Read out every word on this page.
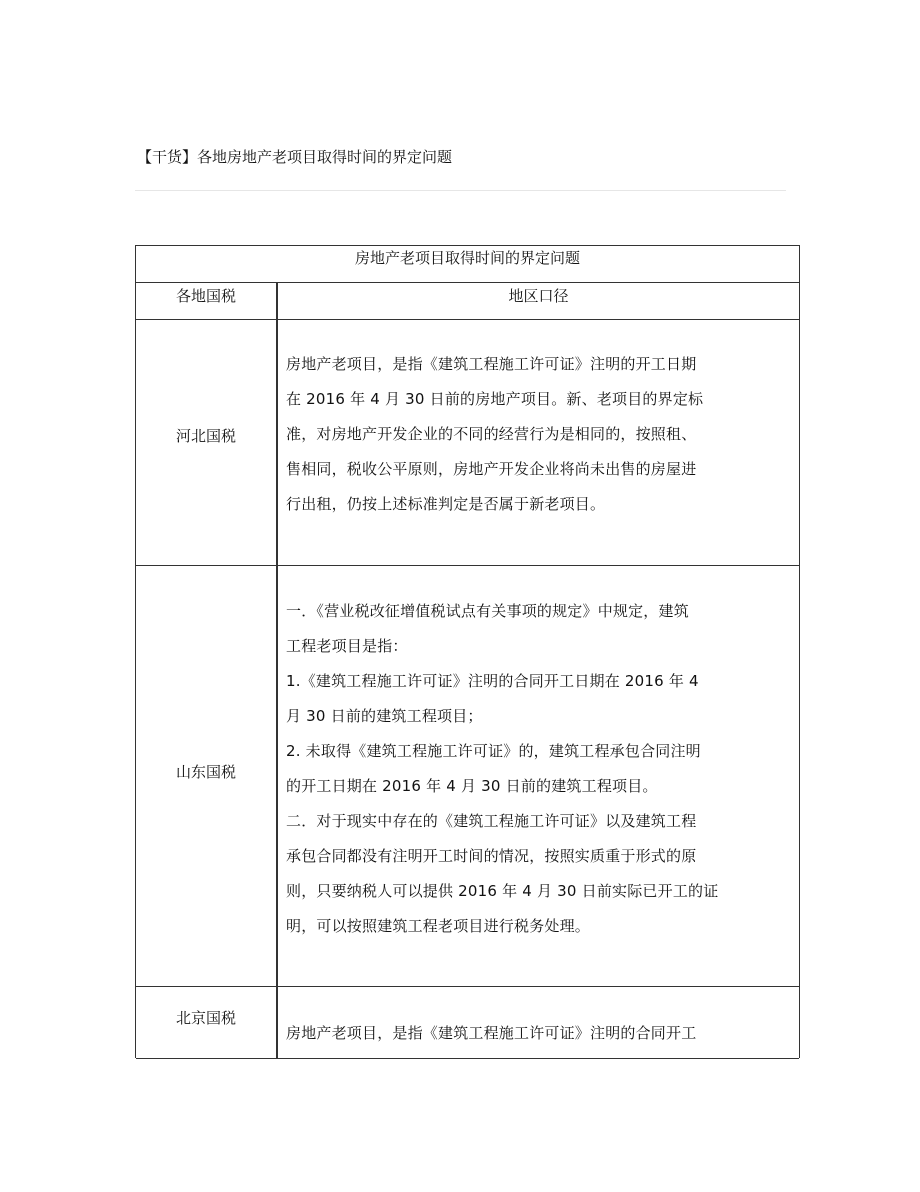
【干货】各地房地产老项目取得时间的界定问题
房地产老项目取得时间的界定问题
各地国税	地区口径
河北国税
房地产老项目，是指《建筑工程施工许可证》注明的开工日期
在 2016 年 4 月 30 日前的房地产项目。新、老项目的界定标
准，对房地产开发企业的不同的经营行为是相同的，按照租、
售相同，税收公平原则，房地产开发企业将尚未出售的房屋进
行出租，仍按上述标准判定是否属于新老项目。
山东国税
一．《营业税改征增值税试点有关事项的规定》中规定，建筑
工程老项目是指：
1.《建筑工程施工许可证》注明的合同开工日期在 2016 年 4
月 30 日前的建筑工程项目；
2. 未取得《建筑工程施工许可证》的，建筑工程承包合同注明
的开工日期在 2016 年 4 月 30 日前的建筑工程项目。
二．对于现实中存在的《建筑工程施工许可证》以及建筑工程
承包合同都没有注明开工时间的情况，按照实质重于形式的原
则，只要纳税人可以提供 2016 年 4 月 30 日前实际已开工的证
明，可以按照建筑工程老项目进行税务处理。
北京国税
房地产老项目，是指《建筑工程施工许可证》注明的合同开工
